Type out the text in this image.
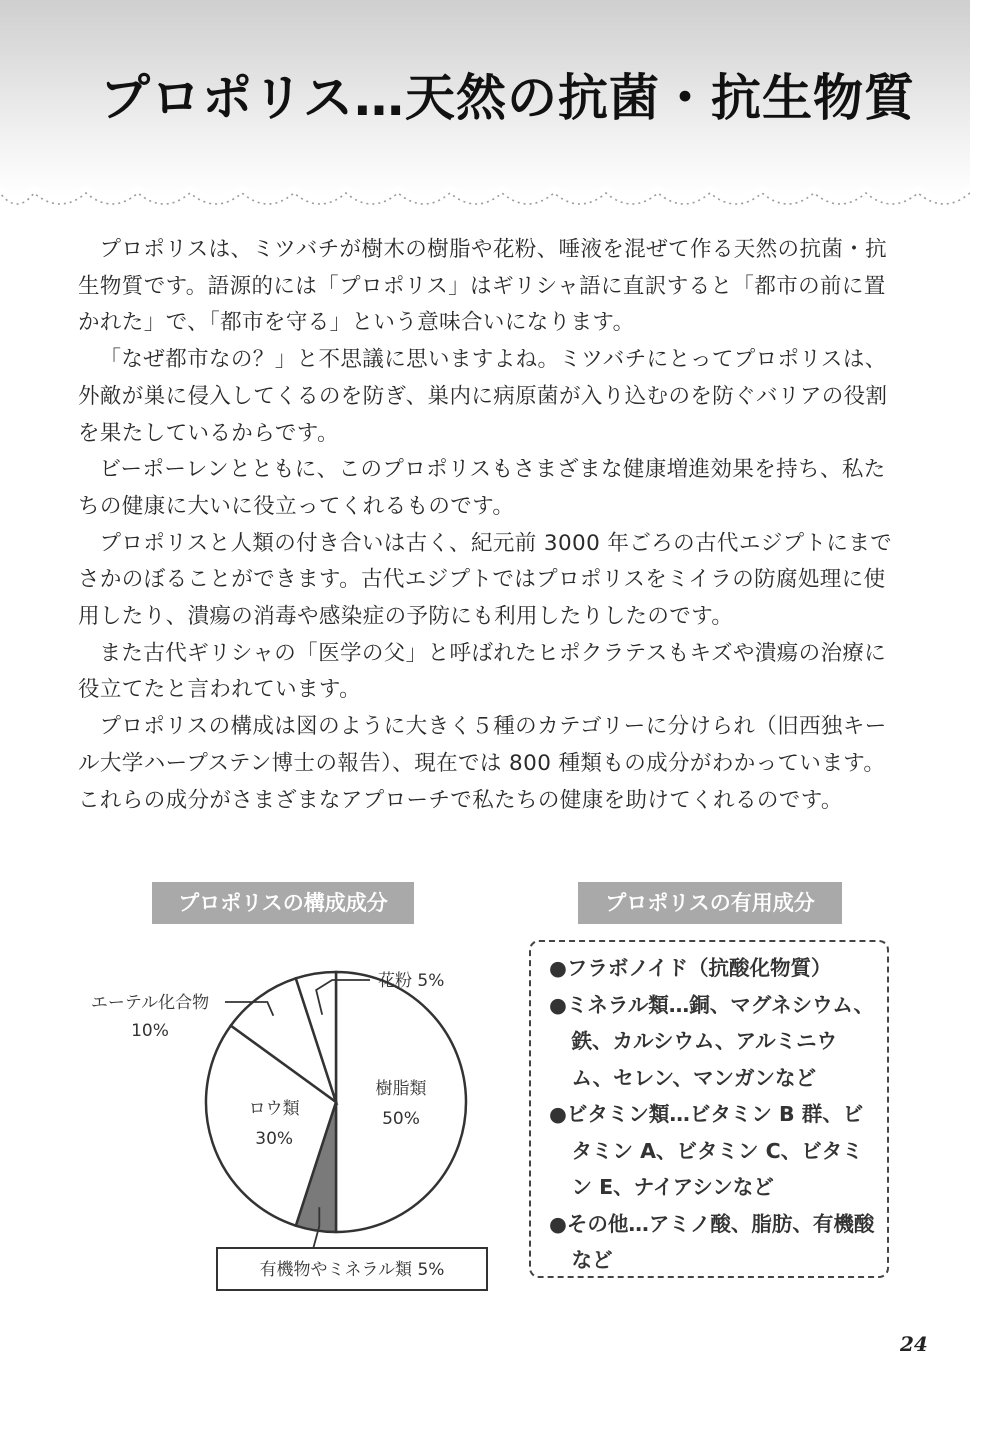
プロポリス…天然の抗菌・抗生物質

プロポリスは、ミツバチが樹木の樹脂や花粉、唾液を混ぜて作る天然の抗菌・抗生物質です。語源的には「プロポリス」はギリシャ語に直訳すると「都市の前に置かれた」で、「都市を守る」という意味合いになります。

「なぜ都市なの？」と不思議に思いますよね。ミツバチにとってプロポリスは、外敵が巣に侵入してくるのを防ぎ、巣内に病原菌が入り込むのを防ぐバリアの役割を果たしているからです。

ビーポーレンとともに、このプロポリスもさまざまな健康増進効果を持ち、私たちの健康に大いに役立ってくれるものです。

プロポリスと人類の付き合いは古く、紀元前 3000 年ごろの古代エジプトにまでさかのぼることができます。古代エジプトではプロポリスをミイラの防腐処理に使用したり、潰瘍の消毒や感染症の予防にも利用したりしたのです。

また古代ギリシャの「医学の父」と呼ばれたヒポクラテスもキズや潰瘍の治療に役立てたと言われています。

プロポリスの構成は図のように大きく５種のカテゴリーに分けられ（旧西独キール大学ハープステン博士の報告）、現在では 800 種類もの成分がわかっています。これらの成分がさまざまなアプローチで私たちの健康を助けてくれるのです。

プロポリスの構成成分	プロポリスの有用成分
樹脂類
50%
ロウ類
30%
有機物やミネラル類 5%
エーテル化合物
10%
花粉 5%
●フラボノイド（抗酸化物質）
●ミネラル類…銅、マグネシウム、鉄、カルシウム、アルミニウム、セレン、マンガンなど
●ビタミン類…ビタミン B 群、ビタミン A、ビタミン C、ビタミン E、ナイアシンなど
●その他…アミノ酸、脂肪、有機酸など
24
